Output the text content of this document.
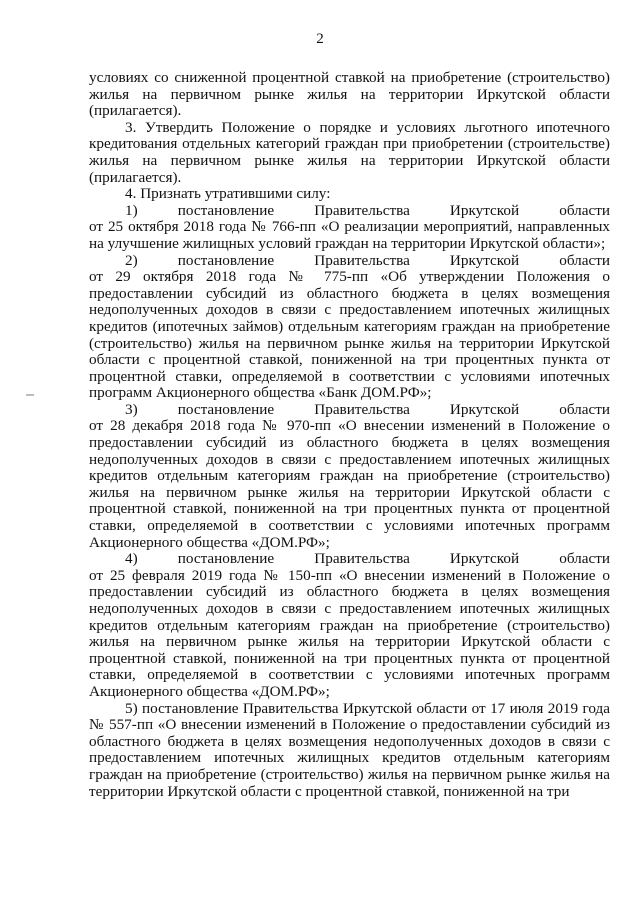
2

условиях со сниженной процентной ставкой на приобретение (строительство) жилья на первичном рынке жилья на территории Иркутской области (прилагается).

3. Утвердить Положение о порядке и условиях льготного ипотечного кредитования отдельных категорий граждан при приобретении (строительстве) жилья на первичном рынке жилья на территории Иркутской области (прилагается).

4. Признать утратившими силу:

1) постановление Правительства Иркутской области

от 25 октября 2018 года № 766-пп «О реализации мероприятий, направленных на улучшение жилищных условий граждан на территории Иркутской области»;

2) постановление Правительства Иркутской области

от 29 октября 2018 года № 775-пп «Об утверждении Положения о предоставлении субсидий из областного бюджета в целях возмещения недополученных доходов в связи с предоставлением ипотечных жилищных кредитов (ипотечных займов) отдельным категориям граждан на приобретение (строительство) жилья на первичном рынке жилья на территории Иркутской области с процентной ставкой, пониженной на три процентных пункта от процентной ставки, определяемой в соответствии с условиями ипотечных программ Акционерного общества «Банк ДОМ.РФ»;

3) постановление Правительства Иркутской области

от 28 декабря 2018 года № 970-пп «О внесении изменений в Положение о предоставлении субсидий из областного бюджета в целях возмещения недополученных доходов в связи с предоставлением ипотечных жилищных кредитов отдельным категориям граждан на приобретение (строительство) жилья на первичном рынке жилья на территории Иркутской области с процентной ставкой, пониженной на три процентных пункта от процентной ставки, определяемой в соответствии с условиями ипотечных программ Акционерного общества «ДОМ.РФ»;

4) постановление Правительства Иркутской области

от 25 февраля 2019 года № 150-пп «О внесении изменений в Положение о предоставлении субсидий из областного бюджета в целях возмещения недополученных доходов в связи с предоставлением ипотечных жилищных кредитов отдельным категориям граждан на приобретение (строительство) жилья на первичном рынке жилья на территории Иркутской области с процентной ставкой, пониженной на три процентных пункта от процентной ставки, определяемой в соответствии с условиями ипотечных программ Акционерного общества «ДОМ.РФ»;

5) постановление Правительства Иркутской области от 17 июля 2019 года № 557-пп «О внесении изменений в Положение о предоставлении субсидий из областного бюджета в целях возмещения недополученных доходов в связи с предоставлением ипотечных жилищных кредитов отдельным категориям граждан на приобретение (строительство) жилья на первичном рынке жилья на территории Иркутской области с процентной ставкой, пониженной на три
